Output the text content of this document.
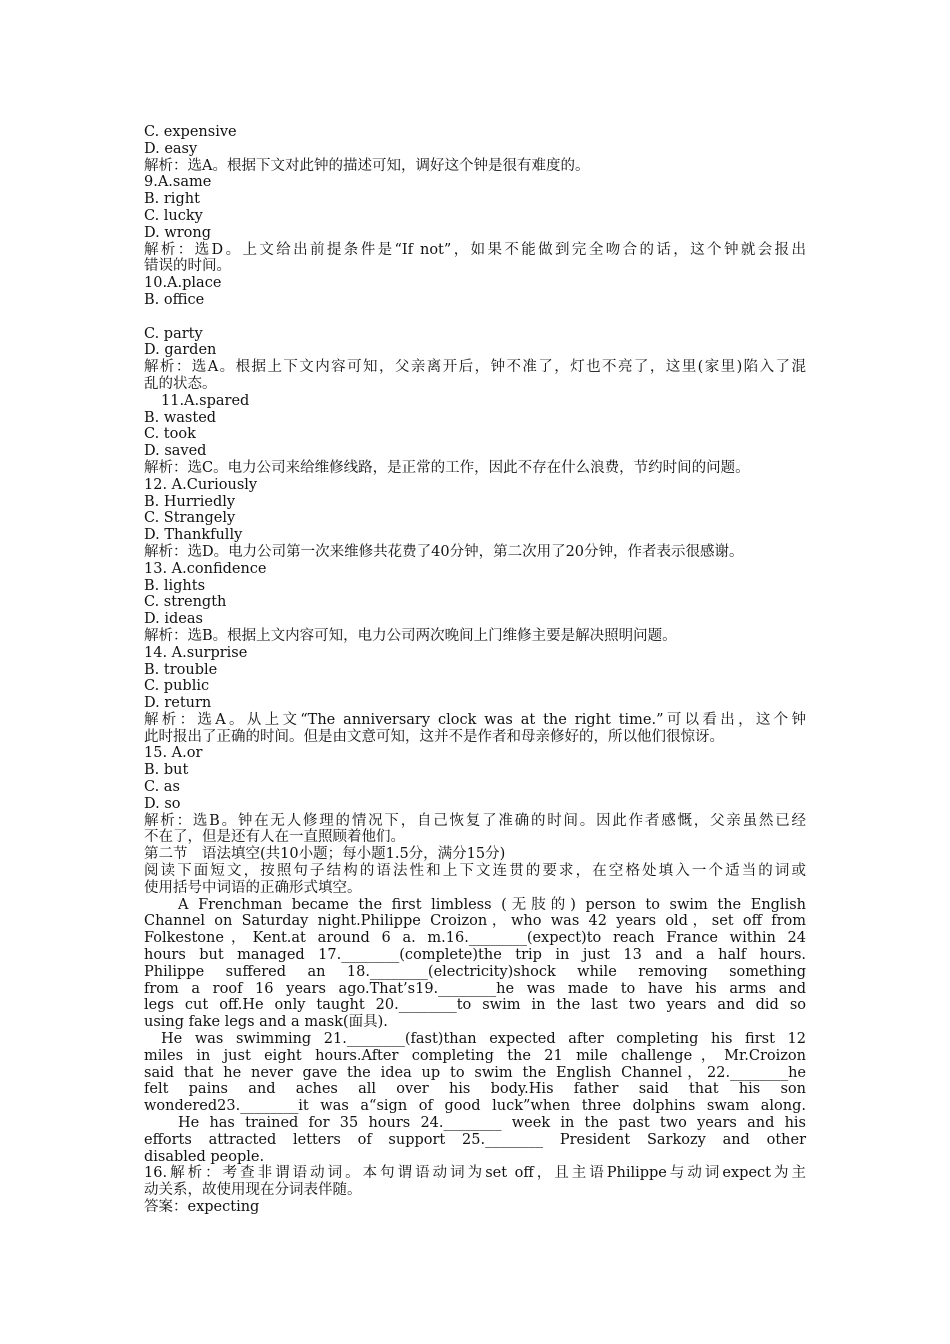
C. expensive
D. easy
解析：选A。根据下文对此钟的描述可知，调好这个钟是很有难度的。
9.A.same
B. right
C. lucky
D. wrong
解析：选D。上文给出前提条件是“If not”，如果不能做到完全吻合的话，这个钟就会报出
错误的时间。
10.A.place
B. office
C. party
D. garden
解析：选A。根据上下文内容可知，父亲离开后，钟不准了，灯也不亮了，这里(家里)陷入了混
乱的状态。
11.A.spared
B. wasted
C. took
D. saved
解析：选C。电力公司来给维修线路，是正常的工作，因此不存在什么浪费，节约时间的问题。
12. A.Curiously
B. Hurriedly
C. Strangely
D. Thankfully
解析：选D。电力公司第一次来维修共花费了40分钟，第二次用了20分钟，作者表示很感谢。
13. A.confidence
B. lights
C. strength
D. ideas
解析：选B。根据上文内容可知，电力公司两次晚间上门维修主要是解决照明问题。
14. A.surprise
B. trouble
C. public
D. return
解析：选A。从上文“The anniversary clock was at the right time.”可以看出，这个钟
此时报出了正确的时间。但是由文意可知，这并不是作者和母亲修好的，所以他们很惊讶。
15. A.or
B. but
C. as
D. so
解析：选B。钟在无人修理的情况下，自己恢复了准确的时间。因此作者感慨，父亲虽然已经
不在了，但是还有人在一直照顾着他们。
第二节　语法填空(共10小题；每小题1.5分，满分15分)
阅读下面短文，按照句子结构的语法性和上下文连贯的要求，在空格处填入一个适当的词或
使用括号中词语的正确形式填空。
A Frenchman became the first limbless (无肢的) person to swim the English
Channel on Saturday night.Philippe Croizon，who was 42 years old，set off from
Folkestone，Kent.at around 6 a. m.16.________(expect)to reach France within 24
hours but managed 17.________(complete)the trip in just 13 and a half hours.
Philippe suffered an 18.________(electricity)shock while removing something
from a roof 16 years ago.That’s19.________he was made to have his arms and
legs cut off.He only taught 20.________to swim in the last two years and did so
using fake legs and a mask(面具).
He was swimming 21.________(fast)than expected after completing his first 12
miles in just eight hours.After completing the 21 mile challenge，Mr.Croizon
said that he never gave the idea up to swim the English Channel，22.________he
felt pains and aches all over his body.His father said that his son
wondered23.________it was a“sign of good luck”when three dolphins swam along.
He has trained for 35 hours 24.________ week in the past two years and his
efforts attracted letters of support 25.________ President Sarkozy and other
disabled people.
16.解析：考查非谓语动词。本句谓语动词为set off，且主语Philippe与动词expect为主
动关系，故使用现在分词表伴随。
答案：expecting
